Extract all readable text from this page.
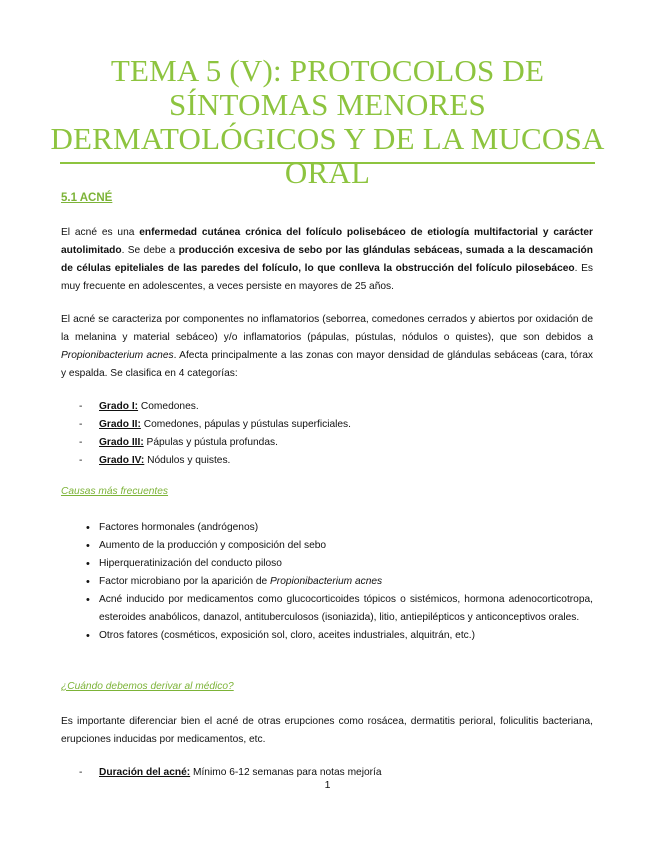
TEMA 5 (V): PROTOCOLOS DE SÍNTOMAS MENORES DERMATOLÓGICOS Y DE LA MUCOSA ORAL
5.1 ACNÉ

El acné es una enfermedad cutánea crónica del folículo polisebáceo de etiología multifactorial y carácter autolimitado. Se debe a producción excesiva de sebo por las glándulas sebáceas, sumada a la descamación de células epiteliales de las paredes del folículo, lo que conlleva la obstrucción del folículo pilosebáceo. Es muy frecuente en adolescentes, a veces persiste en mayores de 25 años.

El acné se caracteriza por componentes no inflamatorios (seborrea, comedones cerrados y abiertos por oxidación de la melanina y material sebáceo) y/o inflamatorios (pápulas, pústulas, nódulos o quistes), que son debidos a Propionibacterium acnes. Afecta principalmente a las zonas con mayor densidad de glándulas sebáceas (cara, tórax y espalda. Se clasifica en 4 categorías:

- Grado I: Comedones.
- Grado II: Comedones, pápulas y pústulas superficiales.
- Grado III: Pápulas y pústula profundas.
- Grado IV: Nódulos y quistes.

Causas más frecuentes

• Factores hormonales (andrógenos)
• Aumento de la producción y composición del sebo
• Hiperqueratinización del conducto piloso
• Factor microbiano por la aparición de Propionibacterium acnes
• Acné inducido por medicamentos como glucocorticoides tópicos o sistémicos, hormona adenocorticotropa, esteroides anabólicos, danazol, antituberculosos (isoniazida), litio, antiepilépticos y anticonceptivos orales.
• Otros fatores (cosméticos, exposición sol, cloro, aceites industriales, alquitrán, etc.)

¿Cuándo debemos derivar al médico?

Es importante diferenciar bien el acné de otras erupciones como rosácea, dermatitis perioral, foliculitis bacteriana, erupciones inducidas por medicamentos, etc.

- Duración del acné: Mínimo 6-12 semanas para notas mejoría

1
